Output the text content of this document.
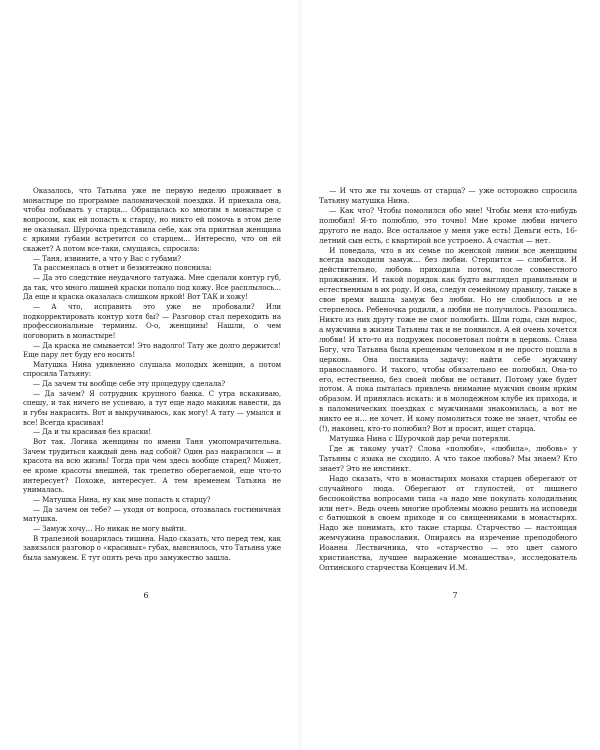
Оказалось, что Татьяна уже не первую неделю проживает в монастыре по программе паломнической поездки. И приехала она, чтобы побывать у старца... Обращалась ко многим в монастыре с вопросом, как ей попасть к старцу, но никто ей помочь в этом деле не оказывал. Шурочка представила себе, как эта приятная женщина с яркими губами встретится со старцем… Интересно, что он ей скажет? А потом все-таки, смущаясь, спросила:

— Таня, извините, а что у Вас с губами?

Та рассмеялась в ответ и безмятежно пояснила:

— Да это следствие неудачного татуажа. Мне сделали контур губ, да так, что много лишней краски попало под кожу. Все расплылось… Да еще и краска оказалась слишком яркой! Вот ТАК и хожу!

— А что, исправить это уже не пробовали? Или подкорректировать контур хотя бы? — Разговор стал переходить на профессиональные термины. О-о, женщины! Нашли, о чем поговорить в монастыре!

— Да краска не смывается! Это надолго! Тату же долго держится! Еще пару лет буду его носить!

Матушка Нина удивленно слушала молодых женщин, а потом спросила Татьяну:

— Да зачем ты вообще себе эту процедуру сделала?

— Да зачем? Я сотрудник крупного банка. С утра вскакиваю, спешу, и так ничего не успеваю, а тут еще надо макияж навести, да и губы накрасить. Вот и выкручиваюсь, как могу! А тату — умылся и все! Всегда красивая!

— Да и ты красивая без краски!

Вот так. Логика женщины по имени Таня умопомрачительна. Зачем трудиться каждый день над собой? Один раз накрасился — и красота на всю жизнь! Тогда при чем здесь вообще старец? Может, ее кроме красоты внешней, так трепетно оберегаемой, еще что-то интересует? Похоже, интересует. А тем временем Татьяна не унималась.

— Матушка Нина, ну как мне попасть к старцу?

— Да зачем он тебе? — уходя от вопроса, отозвалась гостиничная матушка.

— Замуж хочу… Но никак не могу выйти.

В трапезной воцарилась тишина. Надо сказать, что перед тем, как завязался разговор о «красивых» губах, выяснилось, что Татьяна уже была замужем. Е тут опять речь про замужество зашла.

6

— И что же ты хочешь от старца? — уже осторожно спросила Татьяну матушка Нина.

— Как что? Чтобы помолился обо мне! Чтобы меня кто-нибудь полюбил! Я-то полюблю, это точно! Мне кроме любви ничего другого не надо. Все остальное у меня уже есть! Деньги есть, 16-летний сын есть, с квартирой все устроено. А счастья — нет.

И поведала, что в их семье по женской линии все женщины всегда выходили замуж… без любви. Стерпится — слюбится. И действительно, любовь приходила потом, после совместного проживания. И такой порядок как будто выглядел правильным и естественным в их роду. И она, следуя семейному правилу, также в свое время вышла замуж без любви. Но не слюбилось и не стерпелось. Ребеночка родили, а любви не получилось. Разошлись. Никто из них другу тоже не смог полюбить. Шли годы, сын вырос, а мужчина в жизни Татьяны так и не появился. А ей очень хочется любви! И кто-то из подружек посоветовал пойти в церковь. Слава Богу, что Татьяна была крещеным человеком и не просто пошла в церковь. Она поставила задачу: найти себе мужчину православного. И такого, чтобы обязательно ее полюбил. Она-то его, естественно, без своей любви не оставит. Потому уже будет потом. А пока пыталась привлечь внимание мужчин своим ярким образом. И принялась искать: и в молодежном клубе их прихода, и в паломнических поездках с мужчинами знакомилась, а вот не никто ее и… не хочет. И кому помолиться тоже не знает, чтобы ее (!), наконец, кто-то полюбил? Вот и просит, ищет старца.

Матушка Нина с Шурочкой дар речи потеряли.

Где ж такому учат? Слова «полюби», «любила», любовь» у Татьяны с языка не сходило. А что такое любовь? Мы знаем? Кто знает? Это не инстинкт.

Надо сказать, что в монастырях монахи старцев оберегают от случайного люда. Оберегают от глупостей, от лишнего беспокойства вопросами типа «а надо мне покупать холодильник или нет». Ведь очень многие проблемы можно решить на исповеди с батюшкой в своем приходе и со священниками в монастырях. Надо же понимать, кто такие старцы. Старчество — настоящая жемчужина православия. Опираясь на изречение преподобного Иоанна Лествичника, что «старчество — это цвет самого христианства, лучшее выражение монашества», исследователь Оптинского старчества Концевич И.М.

7
